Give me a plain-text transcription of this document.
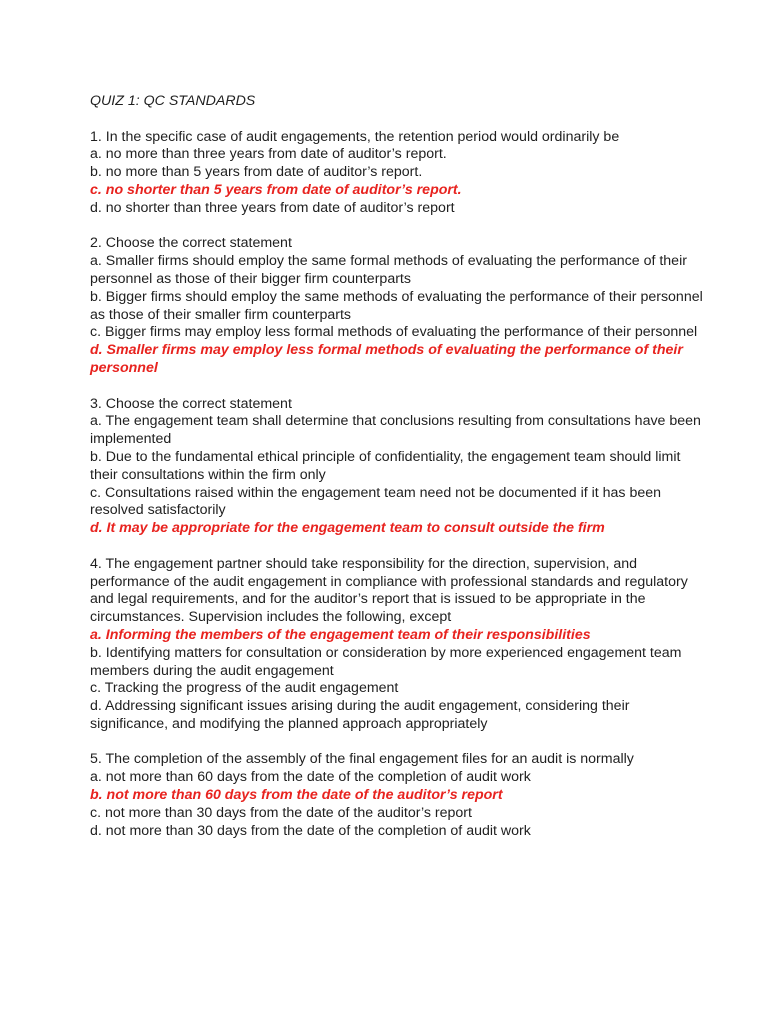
QUIZ 1: QC STANDARDS
1. In the specific case of audit engagements, the retention period would ordinarily be
a. no more than three years from date of auditor’s report.
b. no more than 5 years from date of auditor’s report.
c. no shorter than 5 years from date of auditor’s report.
d. no shorter than three years from date of auditor’s report
2. Choose the correct statement
a. Smaller firms should employ the same formal methods of evaluating the performance of their personnel as those of their bigger firm counterparts
b. Bigger firms should employ the same methods of evaluating the performance of their personnel as those of their smaller firm counterparts
c. Bigger firms may employ less formal methods of evaluating the performance of their personnel
d. Smaller firms may employ less formal methods of evaluating the performance of their personnel
3. Choose the correct statement
a. The engagement team shall determine that conclusions resulting from consultations have been implemented
b. Due to the fundamental ethical principle of confidentiality, the engagement team should limit their consultations within the firm only
c. Consultations raised within the engagement team need not be documented if it has been resolved satisfactorily
d. It may be appropriate for the engagement team to consult outside the firm
4. The engagement partner should take responsibility for the direction, supervision, and performance of the audit engagement in compliance with professional standards and regulatory and legal requirements, and for the auditor’s report that is issued to be appropriate in the circumstances. Supervision includes the following, except
a. Informing the members of the engagement team of their responsibilities
b. Identifying matters for consultation or consideration by more experienced engagement team members during the audit engagement
c. Tracking the progress of the audit engagement
d. Addressing significant issues arising during the audit engagement, considering their significance, and modifying the planned approach appropriately
5. The completion of the assembly of the final engagement files for an audit is normally
a. not more than 60 days from the date of the completion of audit work
b. not more than 60 days from the date of the auditor’s report
c. not more than 30 days from the date of the auditor’s report
d. not more than 30 days from the date of the completion of audit work
